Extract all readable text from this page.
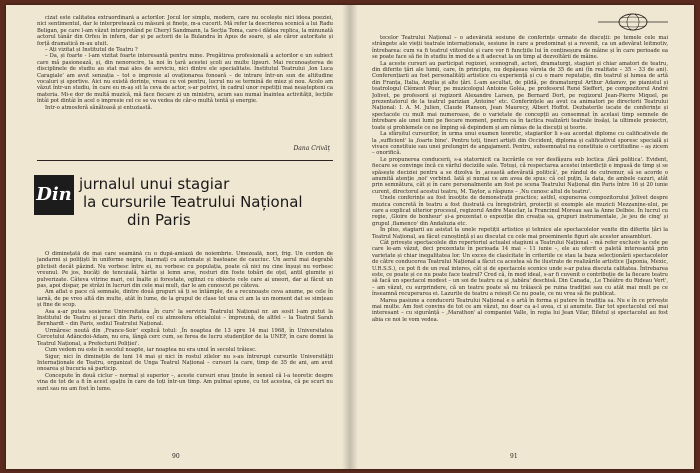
cizat este calitatea extraordinară a actorilor. Jocul lor simplu, modern, care nu ocolește nici ideea poeziei, nici sentimentul, dar le interpretează cu măsură și finețe, m-a cucerit. Mă refer la descrierea scenică a lui Radu Beligan, pe care l-am văzut interpretând pe Cheryl Sandmann, la Secția Toma, care-i dădea replica, la minunată actorul tânăr din Orfeu în infern, dar și pe actorii de la Bulandra în Apus de soare, și ale căror autoritate și forță dramatică m-au uluit.

– Ați vizitat și Institutul de Teatru ?

– Da, și foarte - l-am vizitat foarte interesantă pentru mine. Pregătirea profesională a actorilor e un subiect care mă pasionează, și, din nenorocire, la noi în țară acestei școli au multe lipsuri. Mai recunoașterea de disciplinele de studiu au stat mai ales de serviciu, nici dintre ele specialitate. Institutul Teatrului ‚Ion Luca Caragiale' am avut senzația – tot o impresie al ovaționarea fonoară – de intrare într-un sun de altitudine vocaluri și sportive. Aici nu există dorințe, vreau cu voi pentru, lucrul nu se termină de miez și nou. Acolo am văzut într-un studiu, în care eu m-aș sit la ceva de actor, s-ar potrivi, în cadrul unor repetiții mai neaștepteni ca materia. Mi-e dor de multă muzică, mă face fiecare zi un ministru, acum sau numai înaintea activității, lecțiile întâi pot dintâi în acel o impresie cel ce se va vedea de căr-o multă tentă și energie.

Intr-o atmosferă sănătoasă și entuziastă.

Dana Crivăț
Din jurnalul unui stagiar
la cursurile Teatrului Național
din Paris

O diminețată de mai care seamănă cu o după-amiază de noiembrie. Umezeală, nori, frig. Un cordon de jandarmi și polițiști în uniforme negre, înarmați cu automate și bastoane de cauciuc. Un aerul mai degrabă plictisit decât păzind. Nu vorbesc între ei, nu vorbesc cu populația, poate că nici nu cine înșuși nu vorbesc vreunul. Pe jos, bucăți de tencuială, hârtie și lemn arse, resturi din foste tobări de oțel, antil glumite și pulverizate. Câteva vitrine mari, cei înalte și forestate, oglinzi cu obiecte cele care ai uneori, dar ai făcut un pas, apoi dispar, pe străzi în lucruri din cele mai mult, dar le am cunoscut pe câteva.

Am aflat o pace că semnale, dintre două grupuri să ți se întâmple, de a recunoaște ceva anume, pe cele în iarnă, de pe vreo altă din multe, atât în lume, de la grupul de clase tot una ci am la un moment dat se simțeau și fine de scop.

Asa a-ar putea sosierne Universitatea ‚în curs' la serviciu Teatrului Național nr. an sosit l-am putut la Institutul de Teatru și jucaci din Paris, cel cu atmosfera oficialului – împreună, de altfel – la Teatrul Sarah Bernhardt – din Paris, sediul Teatrului Național.

Urmăresc noută din ‚France-Soir' explică totul: ‚În noaptea de 13 spre 14 mai 1968, în Universitatea Cercetului Adâncdoi-Adam, nu era, lângă cerc cum, se ferea de lucru studenților de la UNEF, în care domni la Teatrul Național, a Prefecturii Poliției'.

Cum vedem nu este în secolul noapte, iar noaptea nu era unul în secolul trăiesc.

Sigur, nici în diminețile de luni 14 mai și nici în rostul zilelor nu s-au întrerupt cursurile Universității Internaționale de Teatru, organizat de Unga Teatrul Național – cursuri la care, timp de 35 de ani, am avut onoarea și bucuria să particip.

Concepute în două ciclur – normal și superior –, aceste cursuri erau ținute în sensul că l-a teoretic despre vina de tot de a fi în acest spațiu în care de toți într-un timp. Am pulmai spune, cu tot acestea, că pe scurt nu sunt sau nu am fost în lume.

90

tecelor Teatrului Național – o adevărată sesiune de conferințe urmate de discuții: pe temele cele mai strângete ale vieții teatrale internaționale, sesiune în care a predominat și a revenit, ca un adevărat leitmotiv, întrebarea: cum va fi teatrul viitorului și care vor fi funcțiile lui în conțineșura de mâine și în care perioade ea se poate face să fie în studiu în mod de a fi adecvat la un timp al dezvoltării de mâine.

La aceste cursuri au participat regizori, scenografi, actori, dramaturgi, stagiari și chiar amatori de teatru, din diferite țări ale lumii, care, în principiu, nu depășeau vârsta de 35 de ani (în realitate – 35 – 33 de ani). Conferențiarii au fost personalități artistice cu experiență și cu o mare reputație, din teatrul și lumea de artă din Franța, Italia, Anglia și alte țări. L-am ascultat, de pildă, pe dramaturgul Arthur Adamov, pe pianistul și teatrologul Clément Pour, pe muzicologul Antoine Goléa, pe profesorul René Sieffert, pe compozitorul André Jolivet, pe profesorii și regizorii Alexandre Larsen, pe Bernard Dort, pe regizorul Jean-Pierre Miquel, pe prezentatorul de la teatrul parizian ‚Antoine' etc. Conferințele au avut ca animatori pe directorii Teatrului Național: I. A. M. Julien, Claude Planson, Jean Maurecy, Albert Hoffot. Dezbaterile iscate de conferințe și spectacole cu mult mai numeroase, de o varietate de concepții au consemnat în acelasi timp semnele de întrebare ale unei lumi pe fiecare moment, pentru ca în tactica realizării teatrale însăși, la ultimele proiectri, toate și problemele ce ne împing să depindem și am rămas de la discuții și teorie.

La sfârșitul cursurilor, în urma unui examen teoretic, stagiarilor li s-au acordat diplome cu calificativele de la ‚sufficient' la ‚foarte bine'. Pentru toți, tineri artiști din Occident, diploma și calificativul sporesc specială și vivace constituie sau unei prelungiri de angajament. Pentru, subsemnatul nu constituie o certitudine – aș zicem – onorifică.

Le propunerea conducerii, s-a statornicit ca lucrările ce vor desfășura sub loctica ‚fără politica'. Evident, fiecare se convinge încă cu vârful deciziile sale. Totuși, că respectarea acestei interdicții e impusă de timp și se spăsește deciziei pentru a se dizolva în ‚această adevărată politică', pe rândul de cutremur, să se acorde o anumită atenție ‚noi' vorbind. Iată și numai ce am avea de spus: că cel puțin, la data, de ambele cazuri, atât prin semnătura, cât și în care personalmente am fost pe scena Teatrului Național din Paris între 16 și 20 iunie curent, directorul acestui teatru, M. Taylor, a răspuns – ‚Nu cunosc altul de teatru'.

Unele conferințe au fost însoțite de demonstrații practice; astfel, expunerea compozitorului Jolivet despre muzica concretă în teatru a fost ilustrată cu înregistrări, proiecții și exemple ale muzicii Mezzanine-ului, pe care a explicat ulterior procesul, regizorul Andre Mauclar, la Francinul Moreau sau la Anne Delbée. În lucrul cu regie, ‚Gloire de bonheur' și-a prezentat o expoziție din creația sa, grupuri instrumentale, ‚le jeu de cinq' și grupul ‚flamenco' din Andaluzia etc.

În plus, stagiarii au asistat la unele repetiții artistice și tehnice ale spectacolelor venite din diferite țări la Teatrul Național, au făcut cunoștință și au discutat cu cele mai proeminente figuri ale acestor ansambluri.

Cât privește spectacolele din repertoriul actualei stagiuni a Teatrului Național – mă refer exclusiv la cele pe care le-am văzut, deci prezentate în perioada 14 mai – 11 iunie –, ele au oferit o paletă interesantă prin varietate și chiar inegalitatea lor. Un exces de clasicitate în criteriile ce stau la baza selecționării spectacolelor de către conducerea Teatrului Național a făcut ca acestea să fie ilustrate de realizările artistice (Japonia, Mexic, U.R.S.S.), ce pot fi de un real interes, cât și de spectacole scenice unde s-ar putea discuta calitatea. Întrebarea este, ce poate și ce nu poate face teatrul? Cred că, în mod ideal, s-ar fi cuvenit o contribuție de la fiecare teatru să facă un spectacol modest – un soi de teatru ca și ‚tabăra' deschisă. Din Canada, ‚Le Théâtre du Rideau Vert', – am văzut, cu surprindere, că un teatru poate să nu trăiască pe ruina tradiției sau cu atât mai mult pe ce înseamnă recuperarea ei. Lazurile de teatru a reieșit Ce nu poate, ce nu vrea să fie publicat.

Marea pasiune a conducerii Teatrului Național e o artă în forma și putere în tradiția sa. Nu e în ce privește mai multe. Am fost convins de tot ce am văzut, nu doar ca a-l avea, ci și anumite. Dar tot spectacolul cel mai interesant – cu sigurănță – ‚Marathon' al companiei Valle, în regia lui Jean Vilar, Biletul și spectacolul au fost abia ce noi le vom vedea.

91
